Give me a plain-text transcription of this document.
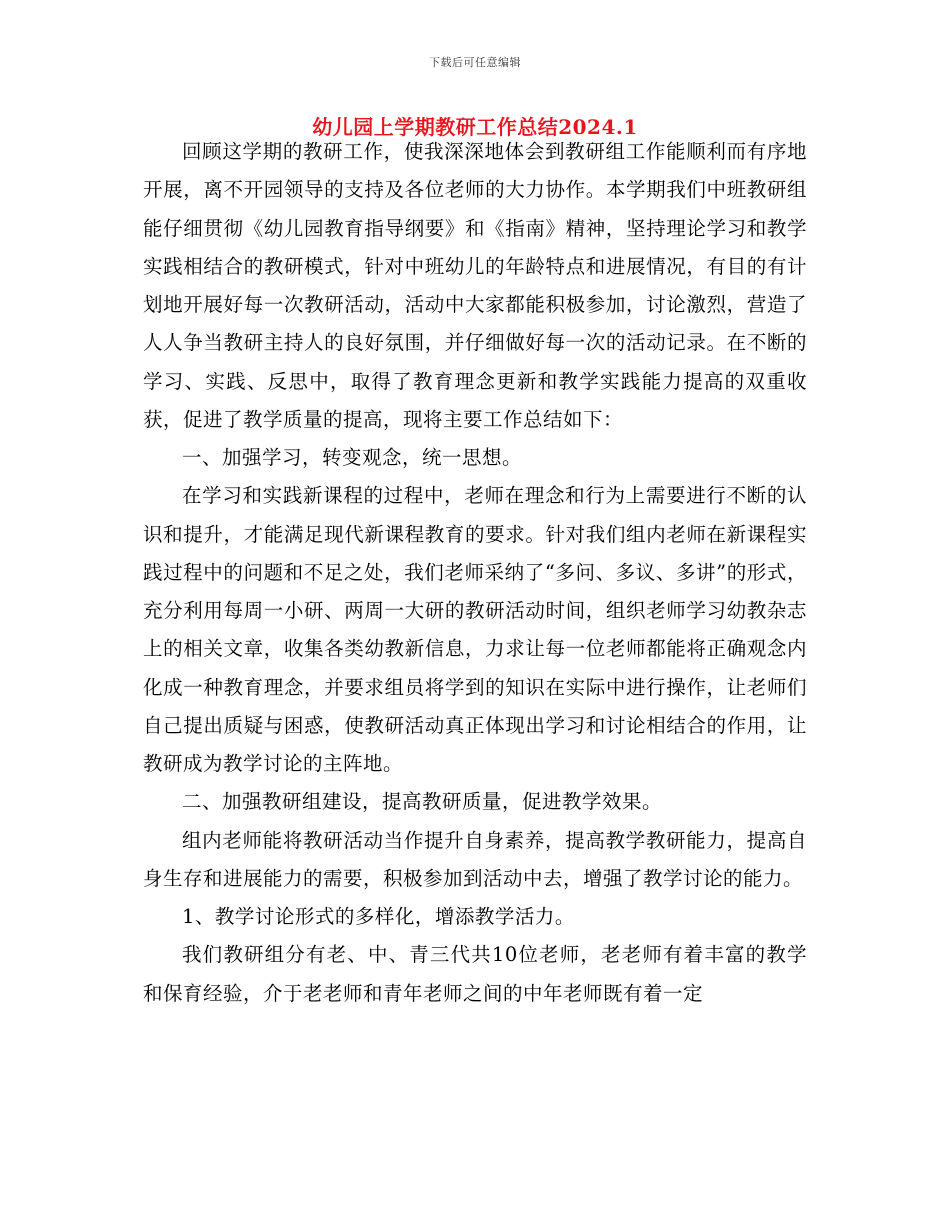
下载后可任意编辑
幼儿园上学期教研工作总结2024.1

回顾这学期的教研工作，使我深深地体会到教研组工作能顺利而有序地开展，离不开园领导的支持及各位老师的大力协作。本学期我们中班教研组能仔细贯彻《幼儿园教育指导纲要》和《指南》精神，坚持理论学习和教学实践相结合的教研模式，针对中班幼儿的年龄特点和进展情况，有目的有计划地开展好每一次教研活动，活动中大家都能积极参加，讨论激烈，营造了人人争当教研主持人的良好氛围，并仔细做好每一次的活动记录。在不断的学习、实践、反思中，取得了教育理念更新和教学实践能力提高的双重收获，促进了教学质量的提高，现将主要工作总结如下：

一、加强学习，转变观念，统一思想。

在学习和实践新课程的过程中，老师在理念和行为上需要进行不断的认识和提升，才能满足现代新课程教育的要求。针对我们组内老师在新课程实践过程中的问题和不足之处，我们老师采纳了“多问、多议、多讲”的形式，充分利用每周一小研、两周一大研的教研活动时间，组织老师学习幼教杂志上的相关文章，收集各类幼教新信息，力求让每一位老师都能将正确观念内化成一种教育理念，并要求组员将学到的知识在实际中进行操作，让老师们自己提出质疑与困惑，使教研活动真正体现出学习和讨论相结合的作用，让教研成为教学讨论的主阵地。

二、加强教研组建设，提高教研质量，促进教学效果。

组内老师能将教研活动当作提升自身素养，提高教学教研能力，提高自身生存和进展能力的需要，积极参加到活动中去，增强了教学讨论的能力。

1、教学讨论形式的多样化，增添教学活力。

我们教研组分有老、中、青三代共10位老师，老老师有着丰富的教学和保育经验，介于老老师和青年老师之间的中年老师既有着一定
